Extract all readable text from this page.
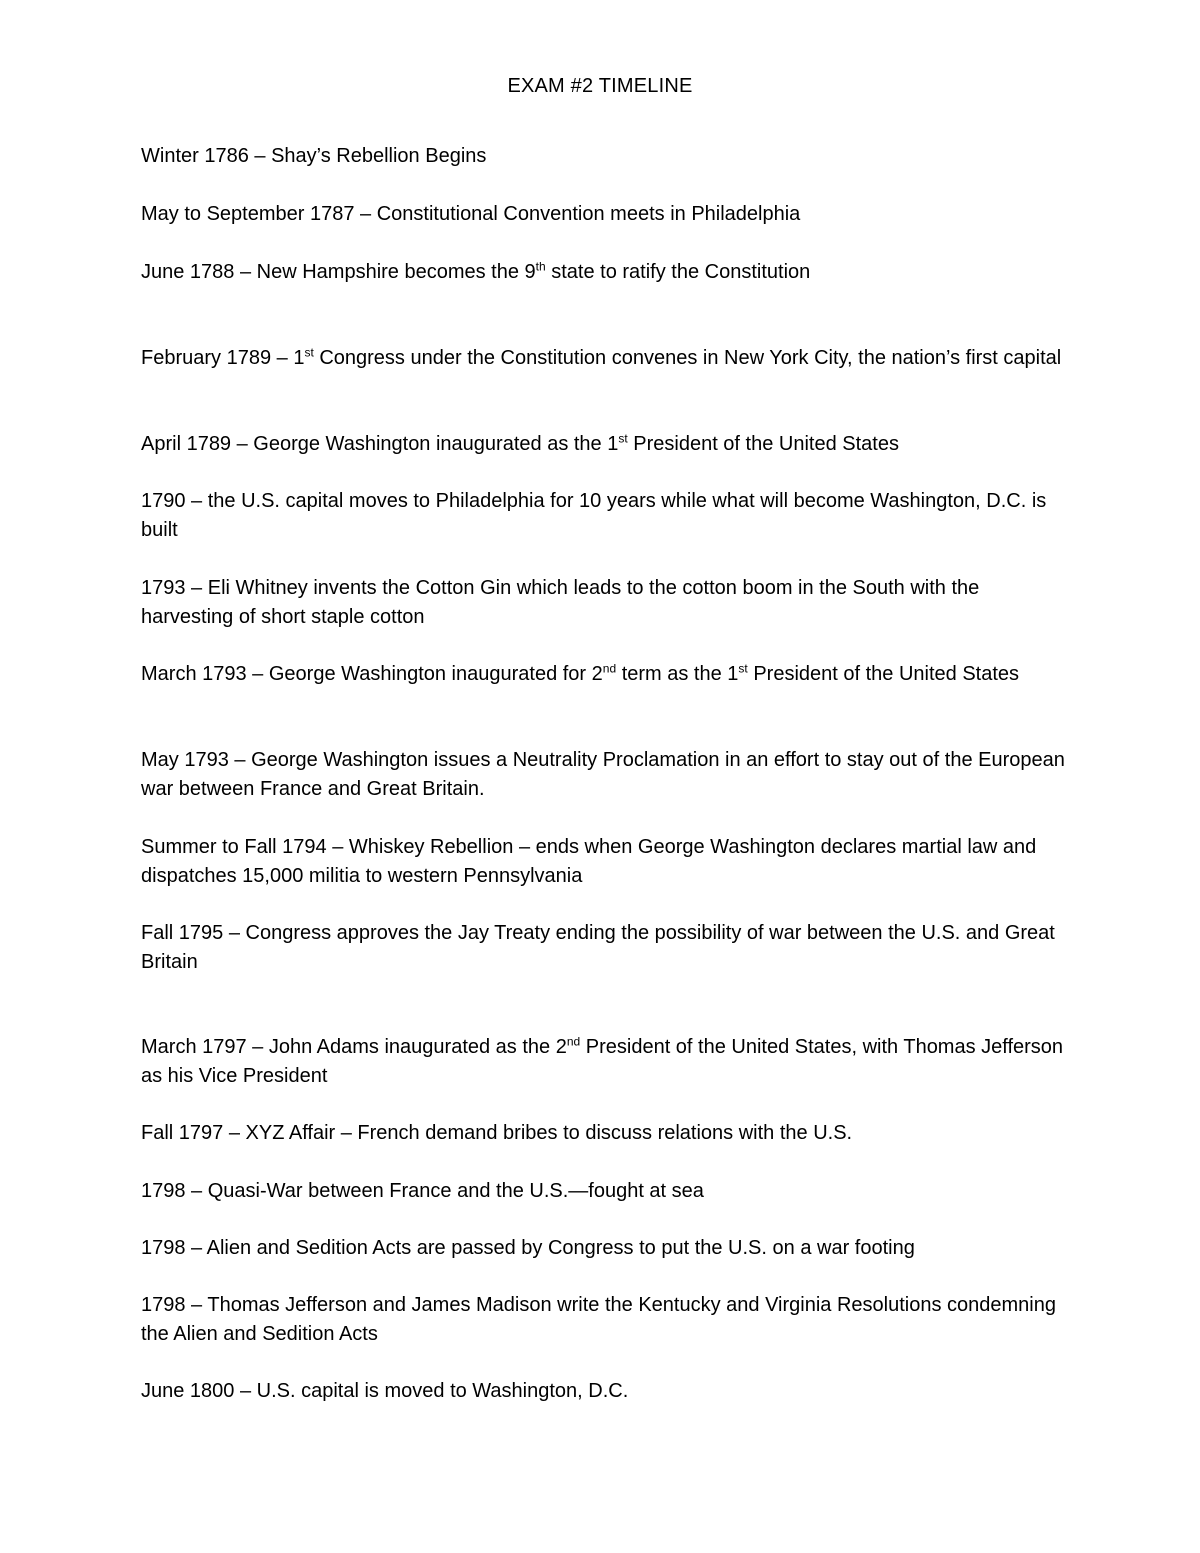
EXAM #2 TIMELINE

Winter 1786 – Shay’s Rebellion Begins

May to September 1787 – Constitutional Convention meets in Philadelphia

June 1788 – New Hampshire becomes the 9th state to ratify the Constitution

February 1789 – 1st Congress under the Constitution convenes in New York City, the nation’s first capital

April 1789 – George Washington inaugurated as the 1st President of the United States

1790 – the U.S. capital moves to Philadelphia for 10 years while what will become Washington, D.C. is built

1793 – Eli Whitney invents the Cotton Gin which leads to the cotton boom in the South with the harvesting of short staple cotton

March 1793 – George Washington inaugurated for 2nd term as the 1st President of the United States

May 1793 – George Washington issues a Neutrality Proclamation in an effort to stay out of the European war between France and Great Britain.

Summer to Fall 1794 – Whiskey Rebellion – ends when George Washington declares martial law and dispatches 15,000 militia to western Pennsylvania

Fall 1795 – Congress approves the Jay Treaty ending the possibility of war between the U.S. and Great Britain

March 1797 – John Adams inaugurated as the 2nd President of the United States, with Thomas Jefferson as his Vice President

Fall 1797 – XYZ Affair – French demand bribes to discuss relations with the U.S.

1798 – Quasi-War between France and the U.S.—fought at sea

1798 – Alien and Sedition Acts are passed by Congress to put the U.S. on a war footing

1798 – Thomas Jefferson and James Madison write the Kentucky and Virginia Resolutions condemning the Alien and Sedition Acts

June 1800 – U.S. capital is moved to Washington, D.C.
